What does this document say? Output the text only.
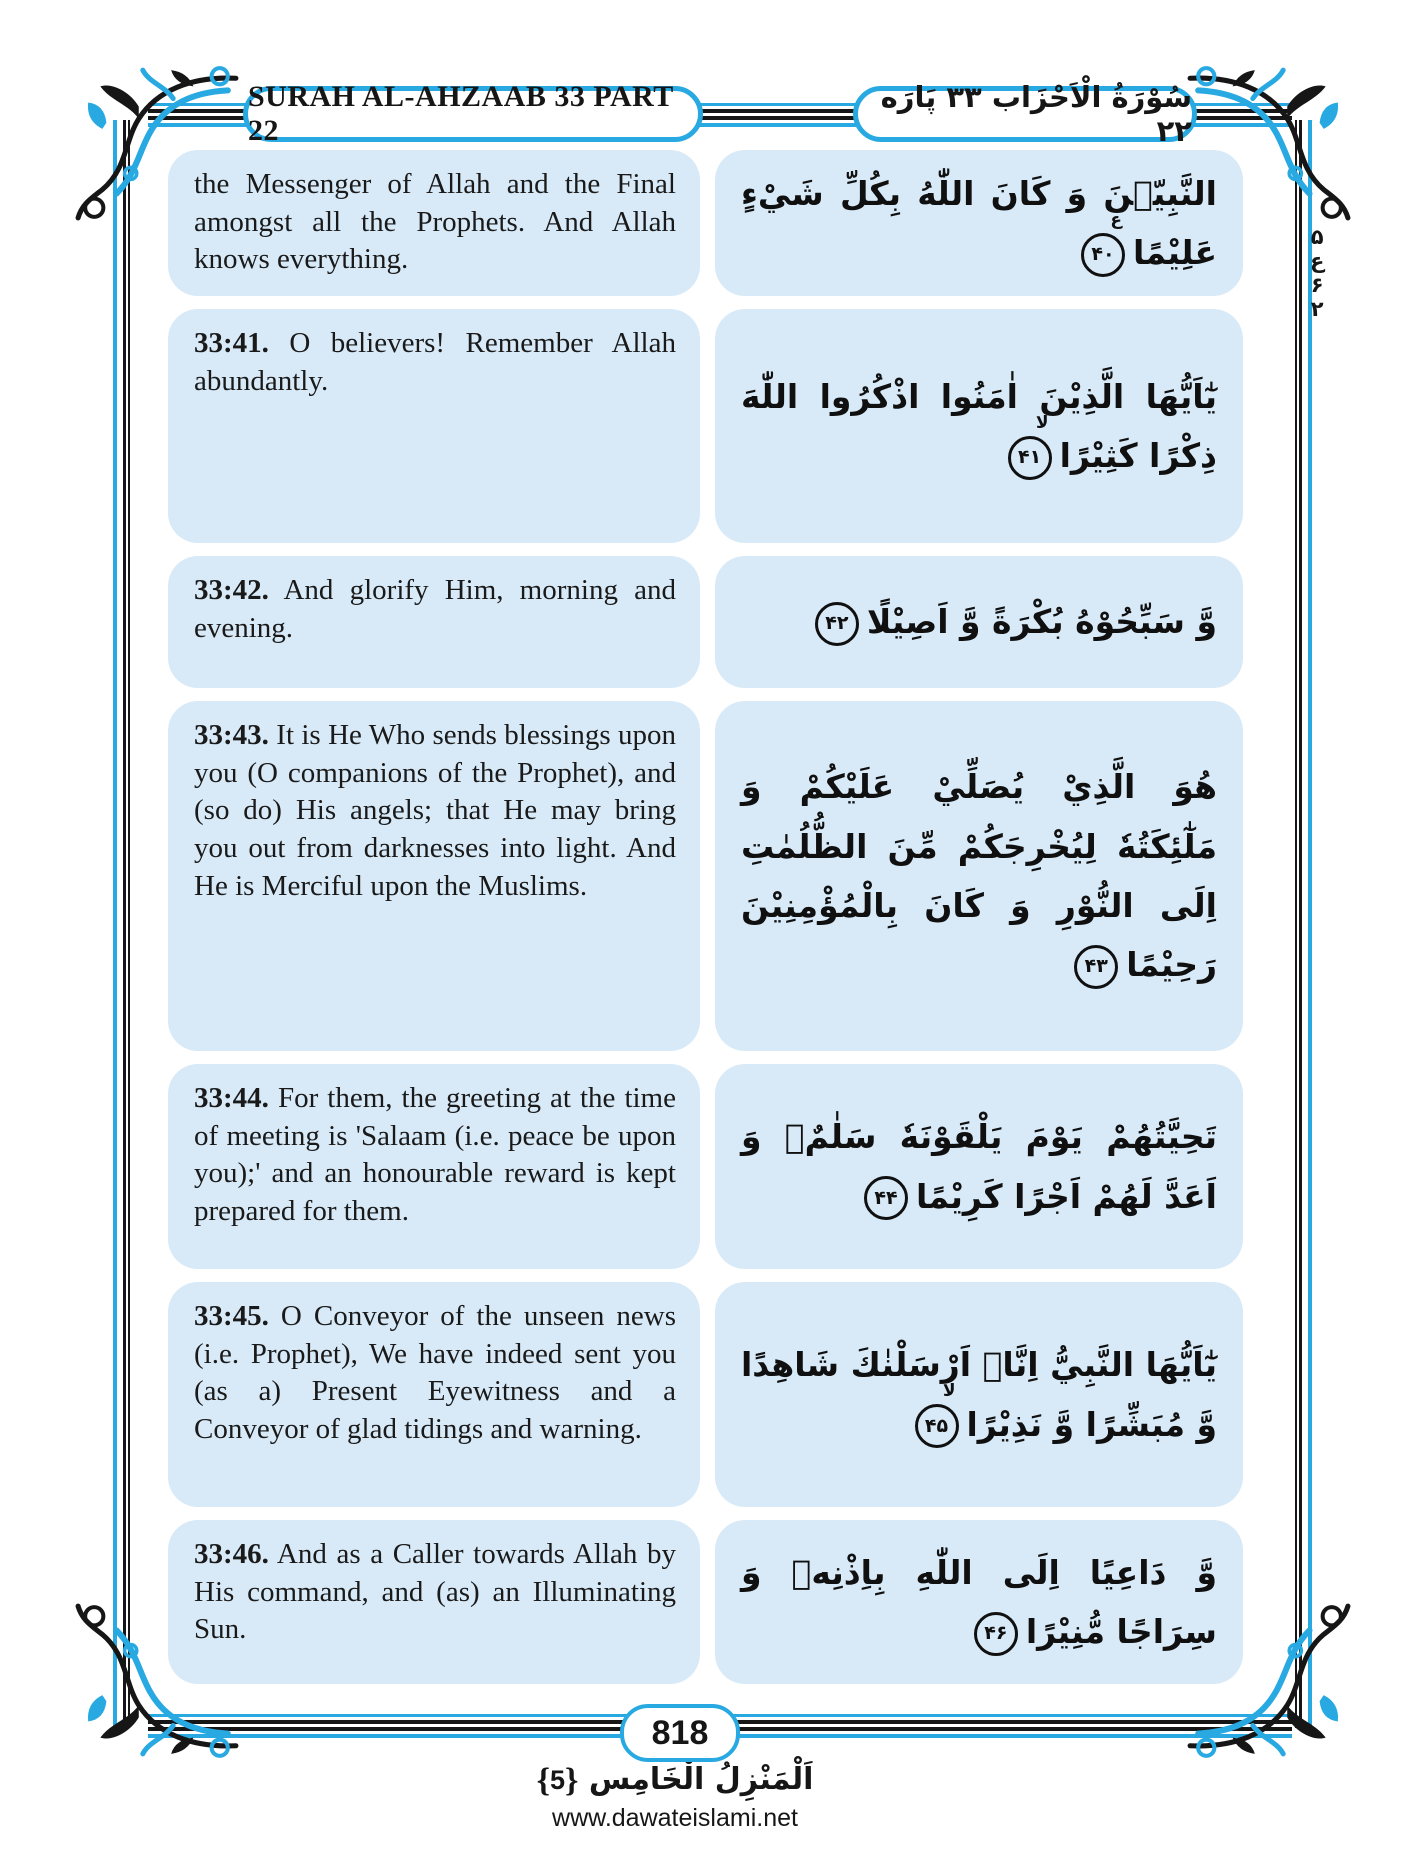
SURAH AL-AHZAAB 33 PART 22
سُوْرَةُ الْاَحْزَاب ۳۳ پَارَه ۲۲
۵
ع
۶
۲
the Messenger of Allah and the Final amongst all the Prophets. And Allah knows everything.
النَّبِيّٖنَ وَ كَانَ اللّٰهُ بِكُلِّ شَيْءٍ عَلِيْمًا
۴۰
ع
33:41. O believers! Remember Allah abundantly.	يٰٓاَيُّهَا الَّذِيْنَ اٰمَنُوا اذْكُرُوا اللّٰهَ ذِكْرًا كَثِيْرًا
۴۱
لا
33:42. And glorify Him, morning and evening.	وَّ سَبِّحُوْهُ بُكْرَةً وَّ اَصِيْلًا
۴۲
33:43. It is He Who sends blessings upon you (O companions of the Prophet), and (so do) His angels; that He may bring you out from darknesses into light. And He is Merciful upon the Muslims.
هُوَ الَّذِيْ يُصَلِّيْ عَلَيْكُمْ وَ مَلٰٓئِكَتُهٗ لِيُخْرِجَكُمْ مِّنَ الظُّلُمٰتِ اِلَى النُّوْرِ وَ كَانَ بِالْمُؤْمِنِيْنَ رَحِيْمًا
۴۳
33:44. For them, the greeting at the time of meeting is 'Salaam (i.e. peace be upon you);' and an honourable reward is kept prepared for them.
تَحِيَّتُهُمْ يَوْمَ يَلْقَوْنَهٗ سَلٰمٌۚ وَ اَعَدَّ لَهُمْ اَجْرًا كَرِيْمًا
۴۴
33:45. O Conveyor of the unseen news (i.e. Prophet), We have indeed sent you (as a) Present Eyewitness and a Conveyor of glad tidings and warning.
يٰٓاَيُّهَا النَّبِيُّ اِنَّاۤ اَرْسَلْنٰكَ شَاهِدًا وَّ مُبَشِّرًا وَّ نَذِيْرًا
۴۵
لا
33:46. And as a Caller towards Allah by His command, and (as) an Illuminating Sun.
وَّ دَاعِيًا اِلَى اللّٰهِ بِاِذْنِهٖ وَ سِرَاجًا مُّنِيْرًا
۴۶
818
اَلْمَنْزِلُ الْخَامِس {5}
www.dawateislami.net
